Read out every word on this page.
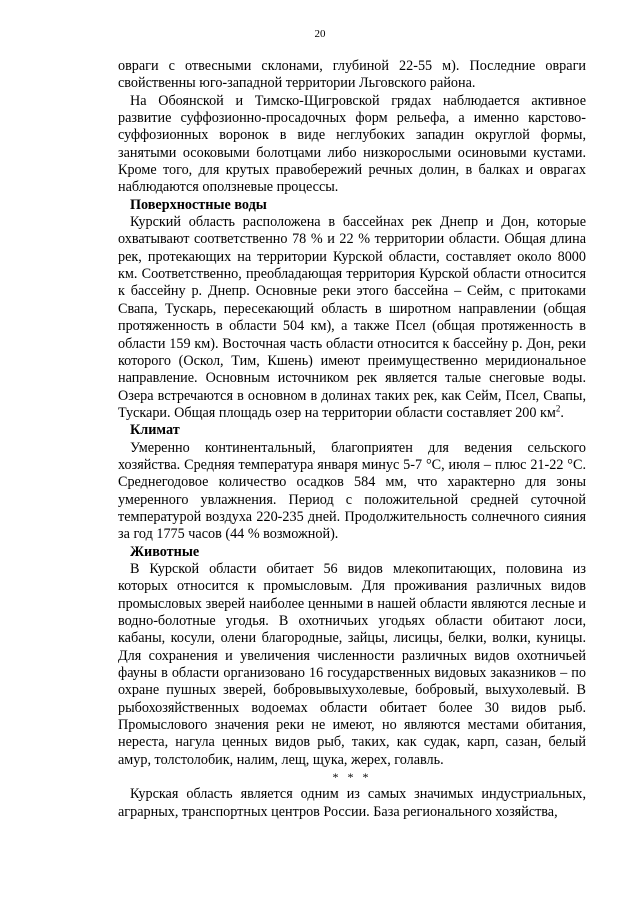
20

овраги с отвесными склонами, глубиной 22-55 м). Последние овраги свойственны юго-западной территории Льговского района.

На Обоянской и Тимско-Щигровской грядах наблюдается активное развитие суффозионно-просадочных форм рельефа, а именно карстово-суффозионных воронок в виде неглубоких западин округлой формы, занятыми осоковыми болотцами либо низкорослыми осиновыми кустами. Кроме того, для крутых правобережий речных долин, в балках и оврагах наблюдаются оползневые процессы.

Поверхностные воды

Курский область расположена в бассейнах рек Днепр и Дон, которые охватывают соответственно 78 % и 22 % территории области. Общая длина рек, протекающих на территории Курской области, составляет около 8000 км. Соответственно, преобладающая территория Курской области относится к бассейну р. Днепр. Основные реки этого бассейна – Сейм, с притоками Свапа, Тускарь, пересекающий область в широтном направлении (общая протяженность в области 504 км), а также Псел (общая протяженность в области 159 км). Восточная часть области относится к бассейну р. Дон, реки которого (Оскол, Тим, Кшень) имеют преимущественно меридиональное направление. Основным источником рек является талые снеговые воды. Озера встречаются в основном в долинах таких рек, как Сейм, Псел, Свапы, Тускари. Общая площадь озер на территории области составляет 200 $км^2$.

Климат

Умеренно континентальный, благоприятен для ведения сельского хозяйства. Средняя температура января минус 5-7 °С, июля – плюс 21-22 °С. Среднегодовое количество осадков 584 мм, что характерно для зоны умеренного увлажнения. Период с положительной средней суточной температурой воздуха 220-235 дней. Продолжительность солнечного сияния за год 1775 часов (44 % возможной).

Животные

В Курской области обитает 56 видов млекопитающих, половина из которых относится к промысловым. Для проживания различных видов промысловых зверей наиболее ценными в нашей области являются лесные и водно-болотные угодья. В охотничьих угодьях области обитают лоси, кабаны, косули, олени благородные, зайцы, лисицы, белки, волки, куницы. Для сохранения и увеличения численности различных видов охотничьей фауны в области организовано 16 государственных видовых заказников – по охране пушных зверей, бобровывыхухолевые, бобровый, выхухолевый. В рыбохозяйственных водоемах области обитает более 30 видов рыб. Промыслового значения реки не имеют, но являются местами обитания, нереста, нагула ценных видов рыб, таких, как судак, карп, сазан, белый амур, толстолобик, налим, лещ, щука, жерех, голавль.

* * *

Курская область является одним из самых значимых индустриальных, аграрных, транспортных центров России. База регионального хозяйства,
